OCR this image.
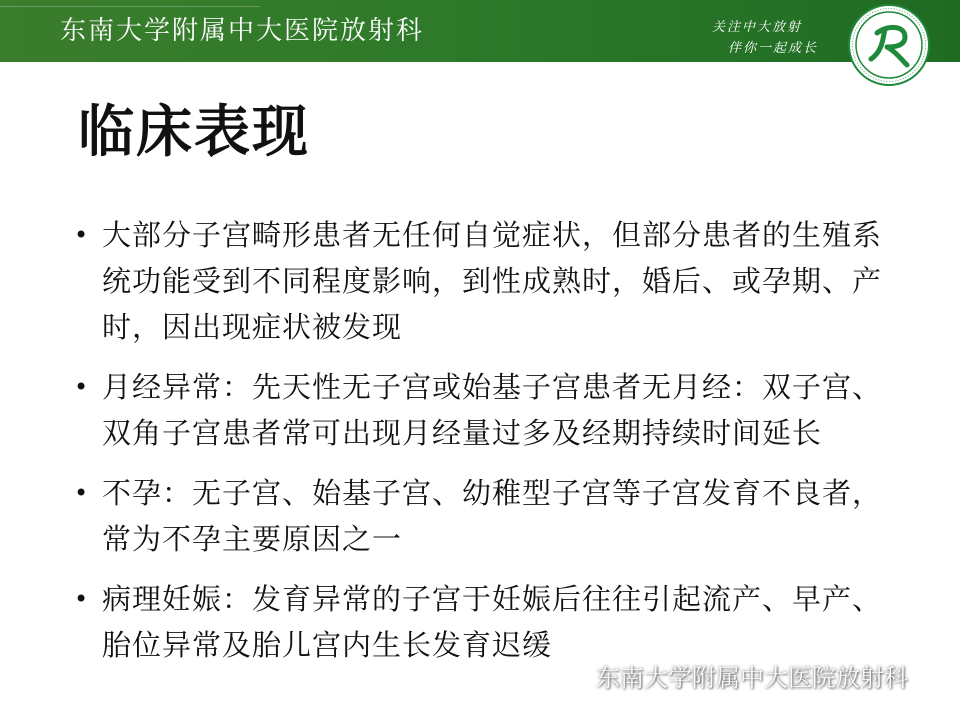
东南大学附属中大医院放射科	关注中大放射
伴你一起成长
临床表现
• 大部分子宫畸形患者无任何自觉症状，但部分患者的生殖系统功能受到不同程度影响，到性成熟时，婚后、或孕期、产时，因出现症状被发现
• 月经异常：先天性无子宫或始基子宫患者无月经：双子宫、双角子宫患者常可出现月经量过多及经期持续时间延长
• 不孕：无子宫、始基子宫、幼稚型子宫等子宫发育不良者，常为不孕主要原因之一
• 病理妊娠：发育异常的子宫于妊娠后往往引起流产、早产、胎位异常及胎儿宫内生长发育迟缓
东南大学附属中大医院放射科
